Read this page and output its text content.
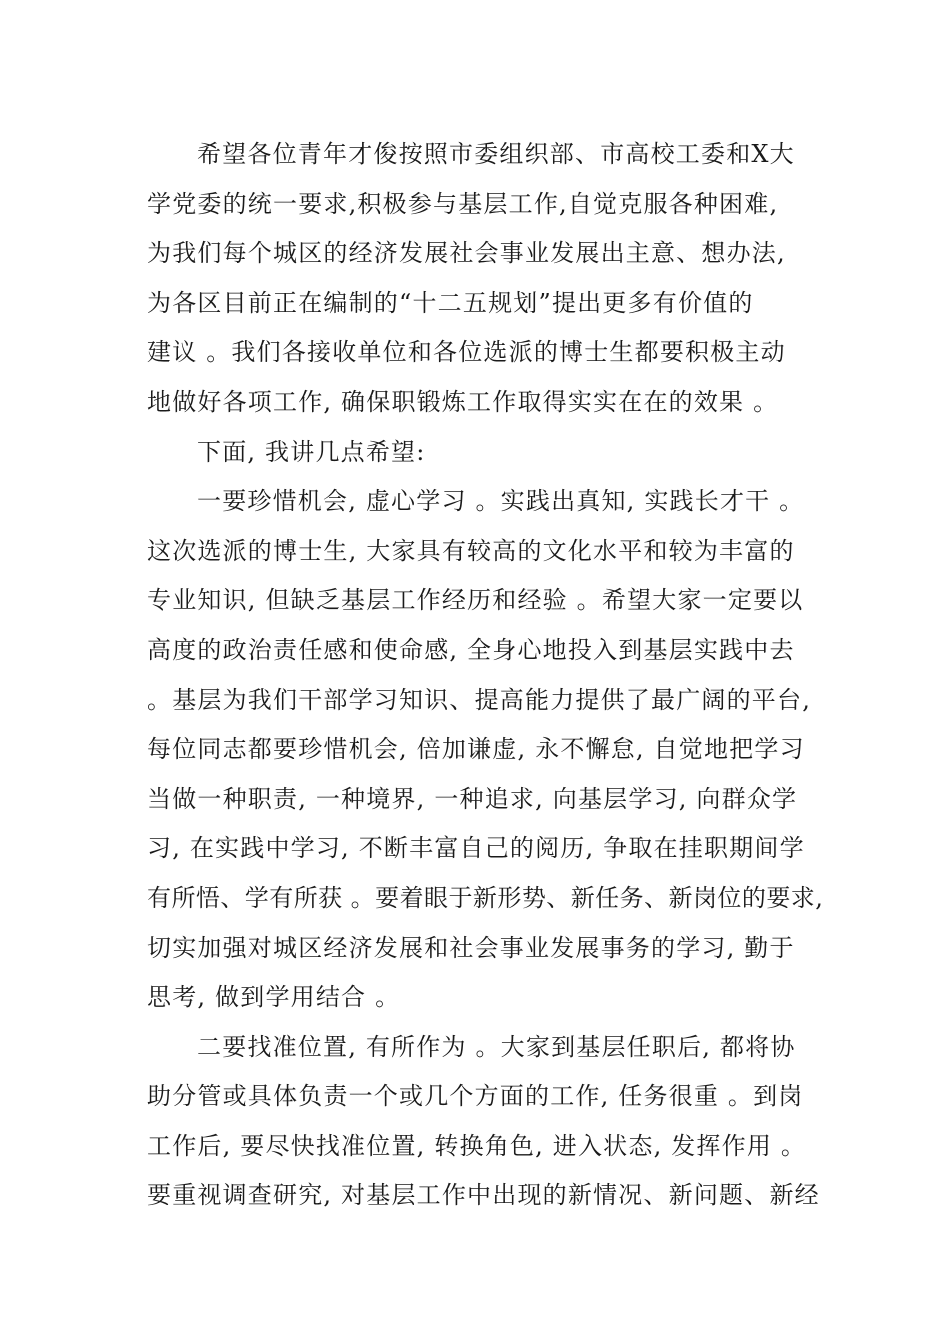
希望各位青年才俊按照市委组织部、市高校工委和X大
学党委的统一要求,积极参与基层工作,自觉克服各种困难,
为我们每个城区的经济发展社会事业发展出主意、想办法,
为各区目前正在编制的“十二五规划”提出更多有价值的
建议 。我们各接收单位和各位选派的博士生都要积极主动
地做好各项工作, 确保职锻炼工作取得实实在在的效果 。
下面, 我讲几点希望:
一要珍惜机会, 虚心学习 。实践出真知, 实践长才干 。
这次选派的博士生, 大家具有较高的文化水平和较为丰富的
专业知识, 但缺乏基层工作经历和经验 。希望大家一定要以
高度的政治责任感和使命感, 全身心地投入到基层实践中去
。基层为我们干部学习知识、提高能力提供了最广阔的平台,
每位同志都要珍惜机会, 倍加谦虚, 永不懈怠, 自觉地把学习
当做一种职责, 一种境界, 一种追求, 向基层学习, 向群众学
习, 在实践中学习, 不断丰富自己的阅历, 争取在挂职期间学
有所悟、学有所获 。要着眼于新形势、新任务、新岗位的要求,
切实加强对城区经济发展和社会事业发展事务的学习, 勤于
思考, 做到学用结合 。
二要找准位置, 有所作为 。大家到基层任职后, 都将协
助分管或具体负责一个或几个方面的工作, 任务很重 。到岗
工作后, 要尽快找准位置, 转换角色, 进入状态, 发挥作用 。
要重视调查研究, 对基层工作中出现的新情况、新问题、新经
